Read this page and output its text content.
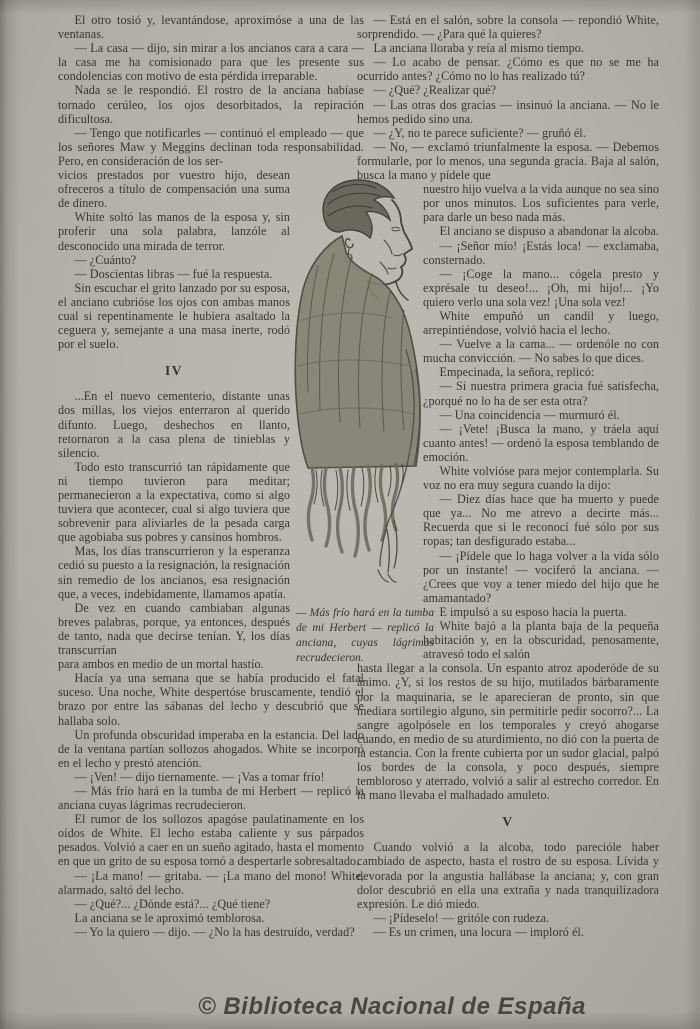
El otro tosió y, levantándose, aproximóse a una de las ventanas.

— La casa — dijo, sin mirar a los ancianos cara a cara — la casa me ha comisionado para que les presente sus condolencias con motivo de esta pérdida irreparable.

Nada se le respondió. El rostro de la anciana habíase tornado cerúleo, los ojos desorbitados, la repiración dificultosa.

— Tengo que notificarles — continuó el empleado — que los señores Maw y Meggins declinan toda responsabilidad. Pero, en consideración de los ser-

vicios prestados por vuestro hijo, desean ofreceros a título de compensación una suma de dinero.

White soltó las manos de la esposa y, sin proferir una sola palabra, lanzóle al desconocido una mirada de terror.

— ¿Cuánto?

— Doscientas libras — fué la respuesta.

Sin escuchar el grito lanzado por su esposa, el anciano cubrióse los ojos con ambas manos cual si repentinamente le hubiera asaltado la ceguera y, semejante a una masa inerte, rodó por el suelo.

IV

...En el nuevo cementerio, distante unas dos millas, los viejos enterraron al querido difunto. Luego, deshechos en llanto, retornaron a la casa plena de tinieblas y silencio.

Todo esto transcurrió tan rápidamente que ni tiempo tuvieron para meditar; permanecieron a la expectativa, como si algo tuviera que acontecer, cual si algo tuviera que sobrevenir para aliviarles de la pesada carga que agobiaba sus pobres y cansinos hombros.

Mas, los días transcurrieron y la esperanza cedió su puesto a la resignación, la resignación sin remedio de los ancianos, esa resignación que, a veces, indebidamente, llamamos apatía.

De vez en cuando cambiaban algunas breves palabras, porque, ya entonces, después de tanto, nada que decirse tenían. Y, los días transcurrían

para ambos en medio de un mortal hastío.

Hacía ya una semana que se había producido el fatal suceso. Una noche, White despertóse bruscamente, tendió el brazo por entre las sábanas del lecho y descubrió que se hallaba solo.

Un profunda obscuridad imperaba en la estancia. Del lado de la ventana partían sollozos ahogados. White se incorporó en el lecho y prestó atención.

— ¡Ven! — dijo tiernamente. — ¡Vas a tomar frío!

— Más frío hará en la tumba de mi Herbert — replicó la anciana cuyas lágrimas recrudecieron.

El rumor de los sollozos apagóse paulatinamente en los oídos de White. El lecho estaba caliente y sus párpados pesados. Volvió a caer en un sueño agitado, hasta el momento en que un grito de su esposa tornó a despertarle sobresaltado.

— ¡La mano! — gritaba. — ¡La mano del mono! White, alarmado, saltó del lecho.

— ¿Qué?... ¿Dónde está?... ¿Qué tiene?

La anciana se le aproximó temblorosa.

— Yo la quiero — dijo. — ¿No la has destruído, verdad?

— Está en el salón, sobre la consola — repondió White, sorprendido. — ¿Para qué la quieres?

La anciana lloraba y reía al mismo tiempo.

— Lo acabo de pensar. ¿Cómo es que no se me ha ocurrido antes? ¿Cómo no lo has realizado tú?

— ¿Qué? ¿Realizar qué?

— Las otras dos gracias — insinuó la anciana. — No le hemos pedido sino una.

— ¿Y, no te parece suficiente? — gruñó él.

— No, — exclamó triunfalmente la esposa. — Debemos formularle, por lo menos, una segunda gracia. Baja al salón, busca la mano y pídele que

nuestro hijo vuelva a la vida aunque no sea sino por unos minutos. Los suficientes para verle, para darle un beso nada más.

El anciano se dispuso a abandonar la alcoba.

— ¡Señor mío! ¡Estás loca! — exclamaba, consternado.

— ¡Coge la mano... cógela presto y exprésale tu deseo!... ¡Oh, mi hijo!... ¡Yo quiero verlo una sola vez! ¡Una sola vez!

White empuñó un candil y luego, arrepintiéndose, volvió hacia el lecho.

— Vuelve a la cama... — ordenóle no con mucha convicción. — No sabes lo que dices.

Empecinada, la señora, replicó:

— Si nuestra primera gracia fué satisfecha, ¿porqué no lo ha de ser esta otra?

— Una coincidencia — murmuró él.

— ¡Vete! ¡Busca la mano, y tráela aquí cuanto antes! — ordenó la esposa temblando de emoción.

White volvióse para mejor contemplarla. Su voz no era muy segura cuando la dijo:

— Diez días hace que ha muerto y puede que ya... No me atrevo a decirte más... Recuerda que si le reconocí fué sólo por sus ropas; tan desfigurado estaba...

— ¡Pídele que lo haga volver a la vida sólo por un instante! — vociferó la anciana. — ¿Crees que voy a tener miedo del hijo que he amamantado?

E impulsó a su esposo hacia la puerta.

White bajó a la planta baja de la pequeña habitación y, en la obscuridad, penosamente, atravesó todo el salón

hasta llegar a la consola. Un espanto atroz apoderóde de su ánimo. ¿Y, si los restos de su hijo, mutilados bárbaramente por la maquinaria, se le aparecieran de pronto, sin que mediara sortilegio alguno, sin permitirle pedir socorro?... La sangre agolpósele en los temporales y creyó ahogarse cuando, en medio de su aturdimiento, no dió con la puerta de la estancia. Con la frente cubierta por un sudor glacial, palpó los bordes de la consola, y poco después, siempre tembloroso y aterrado, volvió a salir al estrecho corredor. En la mano llevaba el malhadado amuleto.

V

Cuando volvió a la alcoba, todo parecióle haber cambiado de aspecto, hasta el rostro de su esposa. Lívida y devorada por la angustia hallábase la anciana; y, con gran dolor descubrió en ella una extraña y nada tranquilizadora expresión. Le dió miedo.

— ¡Pídeselo! — gritóle con rudeza.

— Es un crimen, una locura — imploró él.

— Más frío hará en la tumba de mi Herbert — replicó la anciana, cuyas lágrimas recrudecieron.
© Biblioteca Nacional de España
